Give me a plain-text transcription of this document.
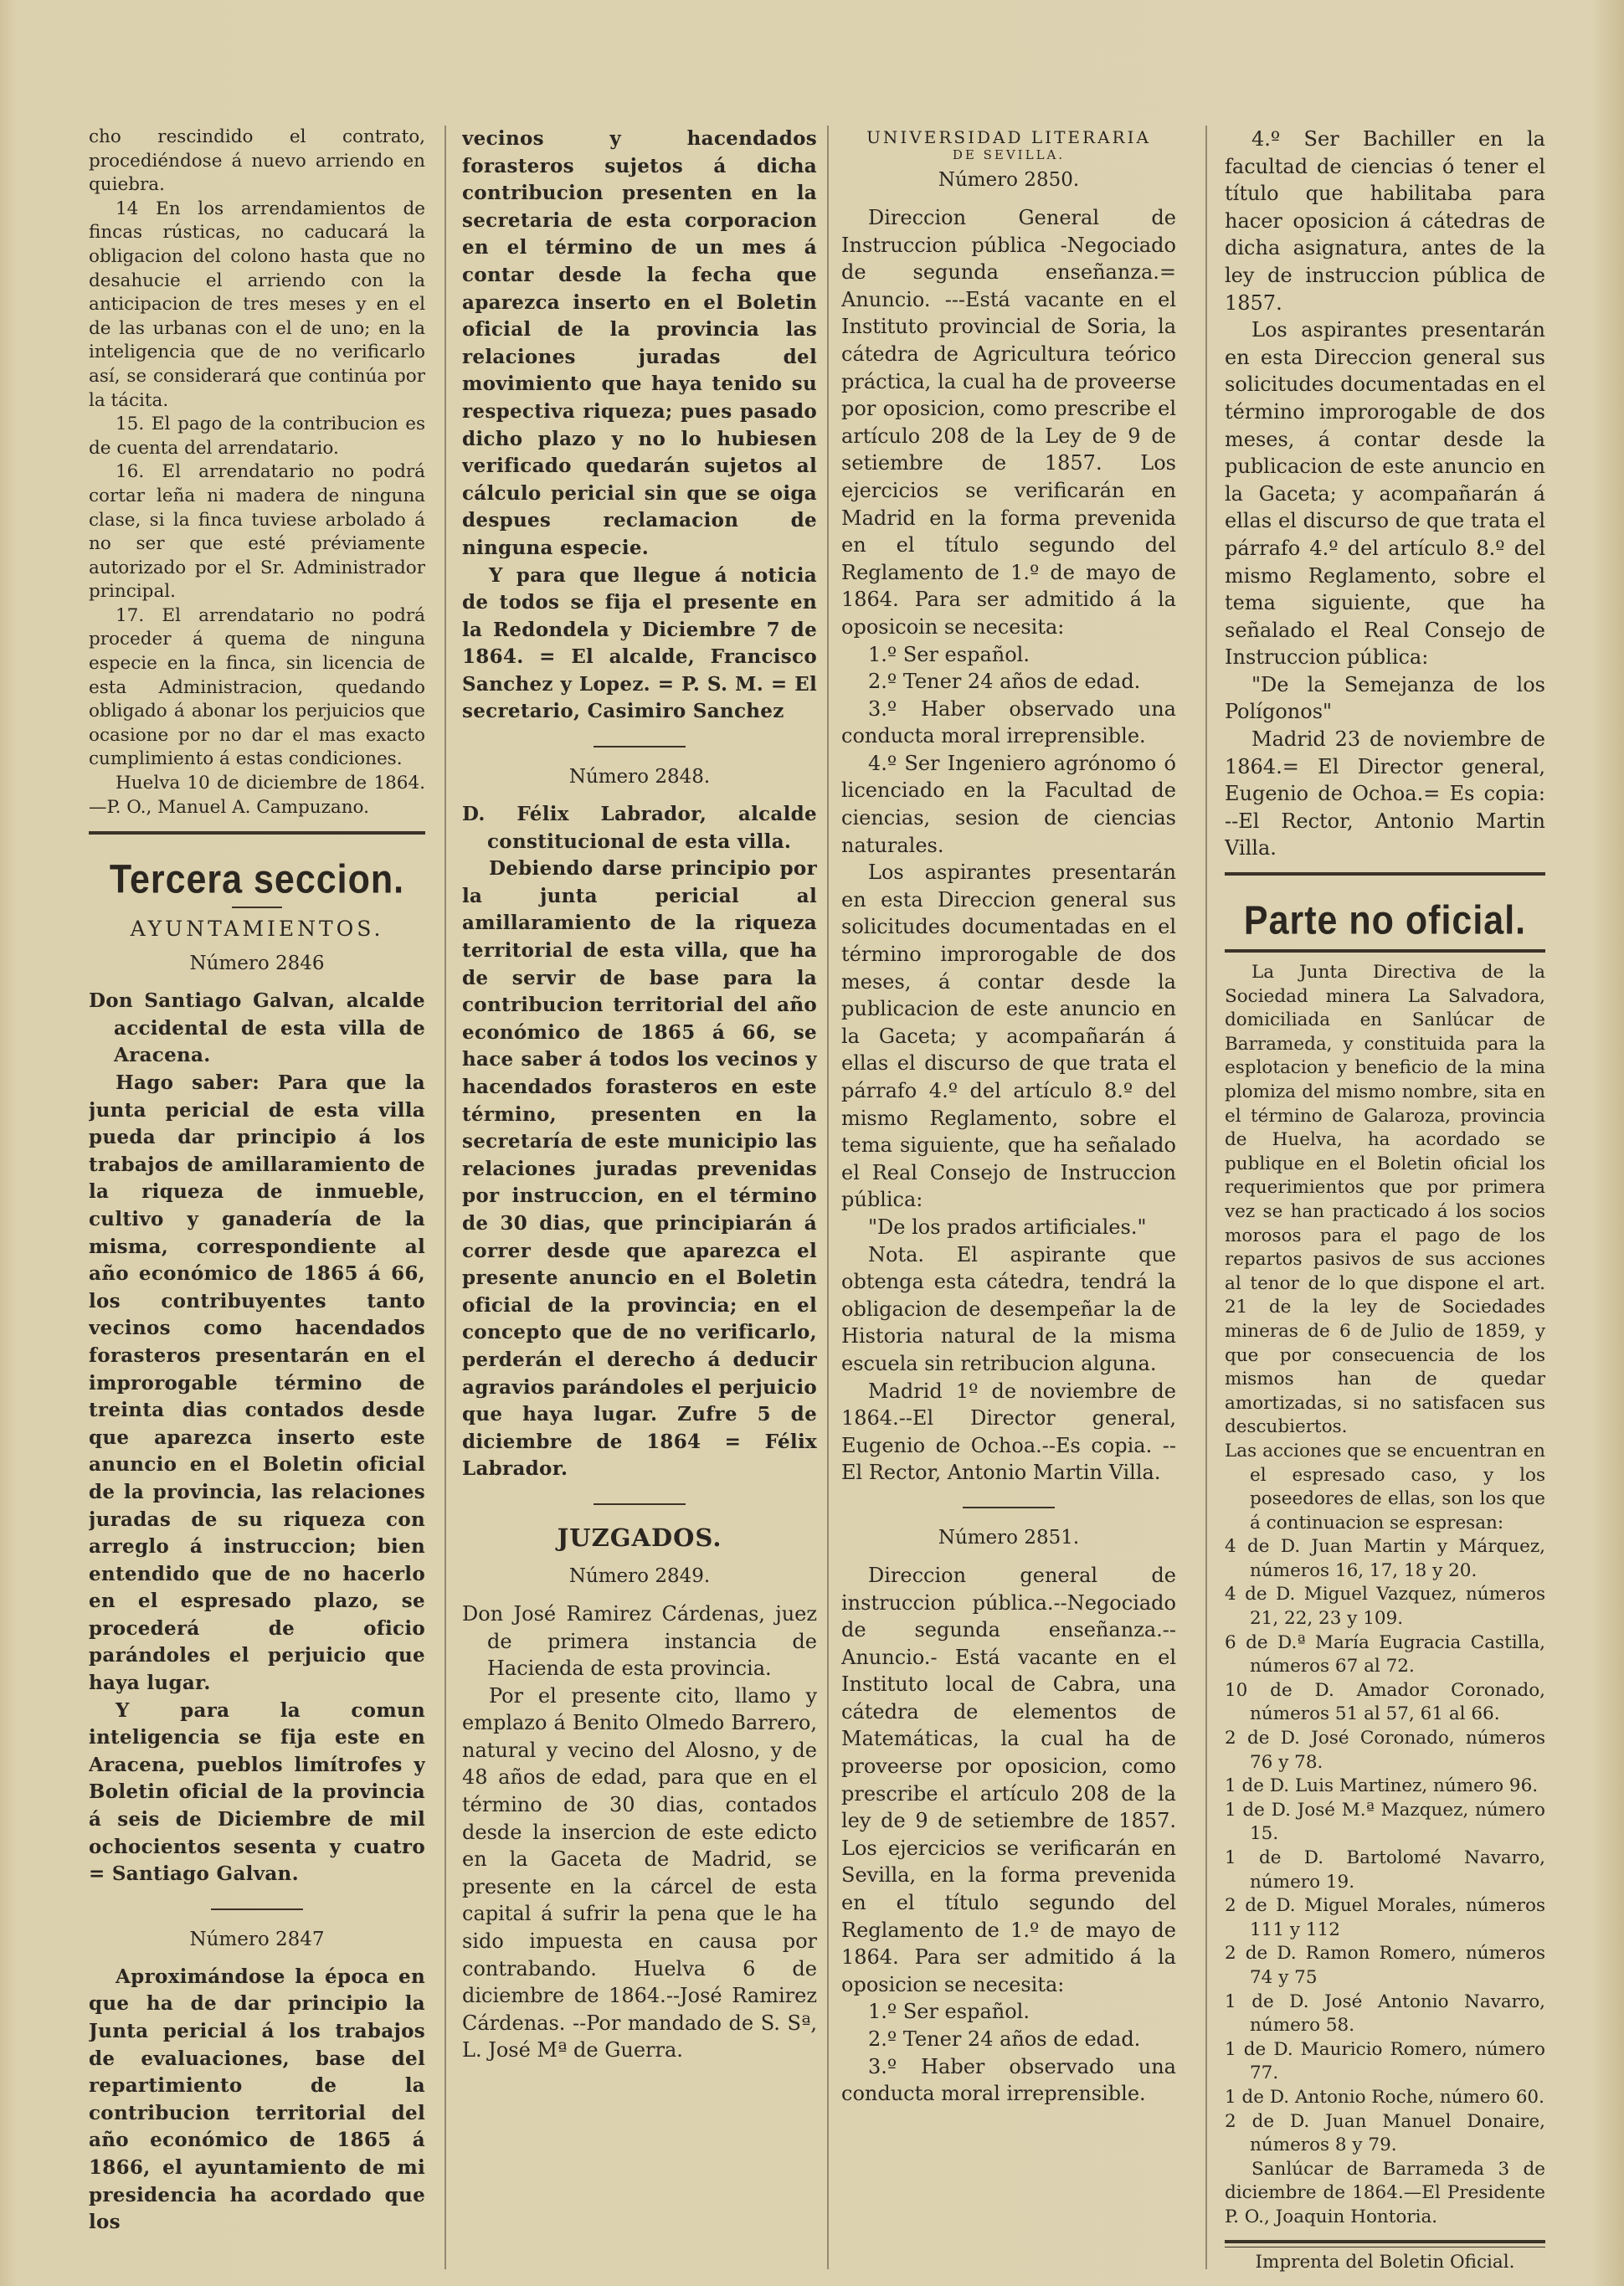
cho rescindido el contrato, procediéndose á nuevo arriendo en quiebra.

14 En los arrendamientos de fincas rústicas, no caducará la obligacion del colono hasta que no desahucie el arriendo con la anticipacion de tres meses y en el de las urbanas con el de uno; en la inteligencia que de no verificarlo así, se considerará que continúa por la tácita.

15. El pago de la contribucion es de cuenta del arrendatario.

16. El arrendatario no podrá cortar leña ni madera de ninguna clase, si la finca tuviese arbolado á no ser que esté préviamente autorizado por el Sr. Administrador principal.

17. El arrendatario no podrá proceder á quema de ninguna especie en la finca, sin licencia de esta Administracion, quedando obligado á abonar los perjuicios que ocasione por no dar el mas exacto cumplimiento á estas condiciones.

Huelva 10 de diciembre de 1864. —P. O., Manuel A. Campuzano.

Tercera seccion.
AYUNTAMIENTOS.
Número 2846

Don Santiago Galvan, alcalde accidental de esta villa de Aracena.

Hago saber: Para que la junta pericial de esta villa pueda dar principio á los trabajos de amillaramiento de la riqueza de inmueble, cultivo y ganadería de la misma, correspondiente al año económico de 1865 á 66, los contribuyentes tanto vecinos como hacendados forasteros presentarán en el improrogable término de treinta dias contados desde que aparezca inserto este anuncio en el Boletin oficial de la provincia, las relaciones juradas de su riqueza con arreglo á instruccion; bien entendido que de no hacerlo en el espresado plazo, se procederá de oficio parándoles el perjuicio que haya lugar.

Y para la comun inteligencia se fija este en Aracena, pueblos limítrofes y Boletin oficial de la provincia á seis de Diciembre de mil ochocientos sesenta y cuatro = Santiago Galvan.

Número 2847

Aproximándose la época en que ha de dar principio la Junta pericial á los trabajos de evaluaciones, base del repartimiento de la contribucion territorial del año económico de 1865 á 1866, el ayuntamiento de mi presidencia ha acordado que los

vecinos y hacendados forasteros sujetos á dicha contribucion presenten en la secretaria de esta corporacion en el término de un mes á contar desde la fecha que aparezca inserto en el Boletin oficial de la provincia las relaciones juradas del movimiento que haya tenido su respectiva riqueza; pues pasado dicho plazo y no lo hubiesen verificado quedarán sujetos al cálculo pericial sin que se oiga despues reclamacion de ninguna especie.

Y para que llegue á noticia de todos se fija el presente en la Redondela y Diciembre 7 de 1864. = El alcalde, Francisco Sanchez y Lopez. = P. S. M. = El secretario, Casimiro Sanchez

Número 2848.

D. Félix Labrador, alcalde constitucional de esta villa.

Debiendo darse principio por la junta pericial al amillaramiento de la riqueza territorial de esta villa, que ha de servir de base para la contribucion territorial del año económico de 1865 á 66, se hace saber á todos los vecinos y hacendados forasteros en este término, presenten en la secretaría de este municipio las relaciones juradas prevenidas por instruccion, en el término de 30 dias, que principiarán á correr desde que aparezca el presente anuncio en el Boletin oficial de la provincia; en el concepto que de no verificarlo, perderán el derecho á deducir agravios parándoles el perjuicio que haya lugar. Zufre 5 de diciembre de 1864 = Félix Labrador.

JUZGADOS.
Número 2849.

Don José Ramirez Cárdenas, juez de primera instancia de Hacienda de esta provincia.

Por el presente cito, llamo y emplazo á Benito Olmedo Barrero, natural y vecino del Alosno, y de 48 años de edad, para que en el término de 30 dias, contados desde la insercion de este edicto en la Gaceta de Madrid, se presente en la cárcel de esta capital á sufrir la pena que le ha sido impuesta en causa por contrabando. Huelva 6 de diciembre de 1864.--José Ramirez Cárdenas. --Por mandado de S. Sª, L. José Mª de Guerra.

UNIVERSIDAD LITERARIA
DE SEVILLA.
Número 2850.

Direccion General de Instruccion pública -Negociado de segunda enseñanza.= Anuncio. ---Está vacante en el Instituto provincial de Soria, la cátedra de Agricultura teórico práctica, la cual ha de proveerse por oposicion, como prescribe el artículo 208 de la Ley de 9 de setiembre de 1857. Los ejercicios se verificarán en Madrid en la forma prevenida en el título segundo del Reglamento de 1.º de mayo de 1864. Para ser admitido á la oposicoin se necesita:

1.º Ser español.

2.º Tener 24 años de edad.

3.º Haber observado una conducta moral irreprensible.

4.º Ser Ingeniero agrónomo ó licenciado en la Facultad de ciencias, sesion de ciencias naturales.

Los aspirantes presentarán en esta Direccion general sus solicitudes documentadas en el término improrogable de dos meses, á contar desde la publicacion de este anuncio en la Gaceta; y acompañarán á ellas el discurso de que trata el párrafo 4.º del artículo 8.º del mismo Reglamento, sobre el tema siguiente, que ha señalado el Real Consejo de Instruccion pública:

"De los prados artificiales."

Nota. El aspirante que obtenga esta cátedra, tendrá la obligacion de desempeñar la de Historia natural de la misma escuela sin retribucion alguna.

Madrid 1º de noviembre de 1864.--El Director general, Eugenio de Ochoa.--Es copia. --El Rector, Antonio Martin Villa.

Número 2851.

Direccion general de instruccion pública.--Negociado de segunda enseñanza.--Anuncio.- Está vacante en el Instituto local de Cabra, una cátedra de elementos de Matemáticas, la cual ha de proveerse por oposicion, como prescribe el artículo 208 de la ley de 9 de setiembre de 1857. Los ejercicios se verificarán en Sevilla, en la forma prevenida en el título segundo del Reglamento de 1.º de mayo de 1864. Para ser admitido á la oposicion se necesita:

1.º Ser español.

2.º Tener 24 años de edad.

3.º Haber observado una conducta moral irreprensible.

4.º Ser Bachiller en la facultad de ciencias ó tener el título que habilitaba para hacer oposicion á cátedras de dicha asignatura, antes de la ley de instruccion pública de 1857.

Los aspirantes presentarán en esta Direccion general sus solicitudes documentadas en el término improrogable de dos meses, á contar desde la publicacion de este anuncio en la Gaceta; y acompañarán á ellas el discurso de que trata el párrafo 4.º del artículo 8.º del mismo Reglamento, sobre el tema siguiente, que ha señalado el Real Consejo de Instruccion pública:

"De la Semejanza de los Polígonos"

Madrid 23 de noviembre de 1864.= El Director general, Eugenio de Ochoa.= Es copia: --El Rector, Antonio Martin Villa.

Parte no oficial.

La Junta Directiva de la Sociedad minera La Salvadora, domiciliada en Sanlúcar de Barrameda, y constituida para la esplotacion y beneficio de la mina plomiza del mismo nombre, sita en el término de Galaroza, provincia de Huelva, ha acordado se publique en el Boletin oficial los requerimientos que por primera vez se han practicado á los socios morosos para el pago de los repartos pasivos de sus acciones al tenor de lo que dispone el art. 21 de la ley de Sociedades mineras de 6 de Julio de 1859, y que por consecuencia de los mismos han de quedar amortizadas, si no satisfacen sus descubiertos.

Las acciones que se encuentran en el espresado caso, y los poseedores de ellas, son los que á continuacion se espresan:

4 de D. Juan Martin y Márquez, números 16, 17, 18 y 20.

4 de D. Miguel Vazquez, números 21, 22, 23 y 109.

6 de D.ª María Eugracia Castilla, números 67 al 72.

10 de D. Amador Coronado, números 51 al 57, 61 al 66.

2 de D. José Coronado, números 76 y 78.

1 de D. Luis Martinez, número 96.

1 de D. José M.ª Mazquez, número 15.

1 de D. Bartolomé Navarro, número 19.

2 de D. Miguel Morales, números 111 y 112

2 de D. Ramon Romero, números 74 y 75

1 de D. José Antonio Navarro, número 58.

1 de D. Mauricio Romero, número 77.

1 de D. Antonio Roche, número 60.

2 de D. Juan Manuel Donaire, números 8 y 79.

Sanlúcar de Barrameda 3 de diciembre de 1864.—El Presidente P. O., Joaquin Hontoria.

Imprenta del Boletin Oficial.
